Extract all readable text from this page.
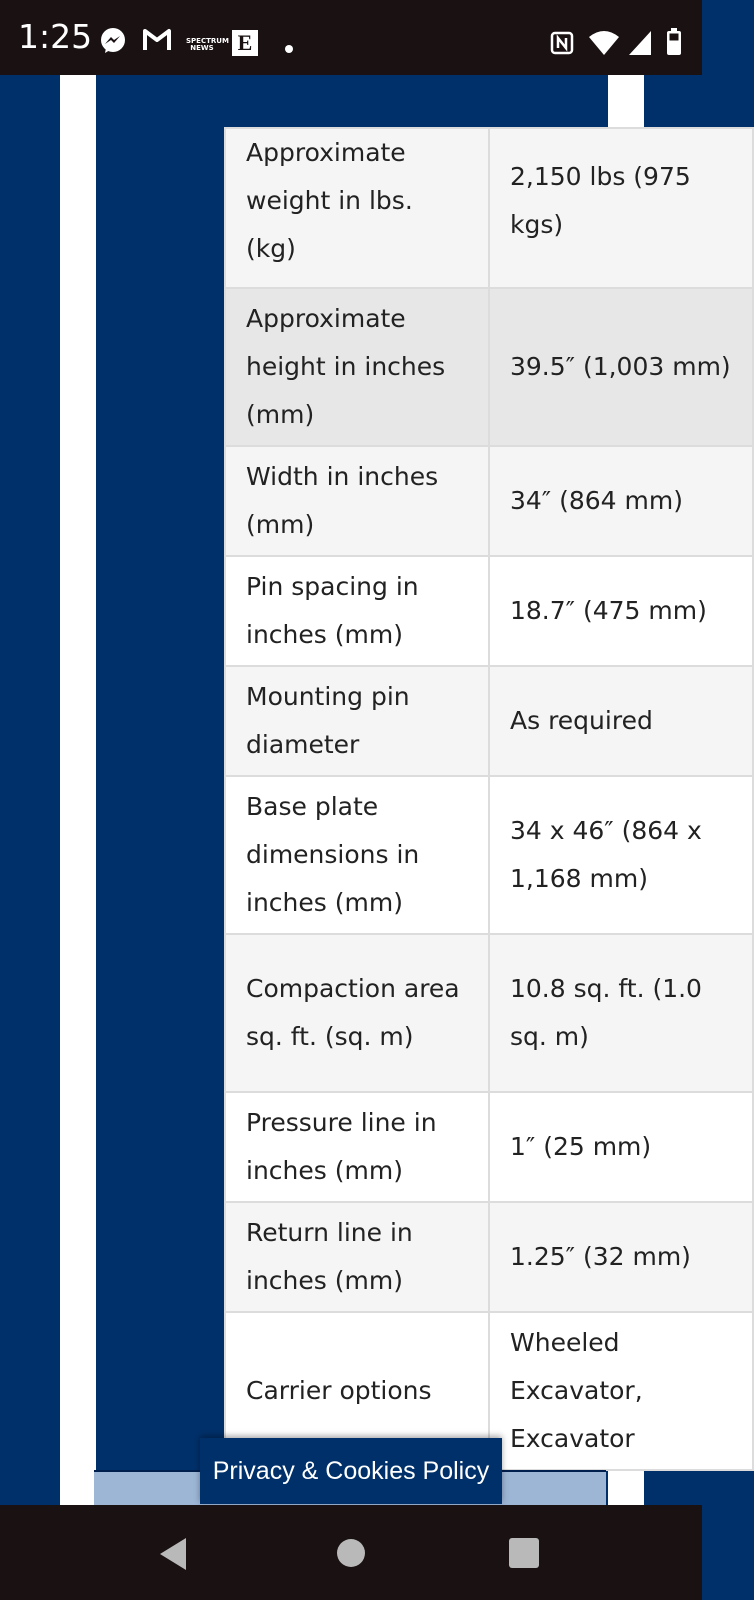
1:25	SPECTRUM NEWS E
Approximate weight in lbs. (kg)	2,150 lbs (975 kgs)
Approximate height in inches (mm)	39.5″ (1,003 mm)
Width in inches (mm)	34″ (864 mm)
Pin spacing in inches (mm)	18.7″ (475 mm)
Mounting pin diameter	As required
Base plate dimensions in inches (mm)	34 x 46″ (864 x 1,168 mm)
Compaction area sq. ft. (sq. m)	10.8 sq. ft. (1.0 sq. m)
Pressure line in inches (mm)	1″ (25 mm)
Return line in inches (mm)	1.25″ (32 mm)
Carrier options	Wheeled Excavator, Excavator
Privacy & Cookies Policy
